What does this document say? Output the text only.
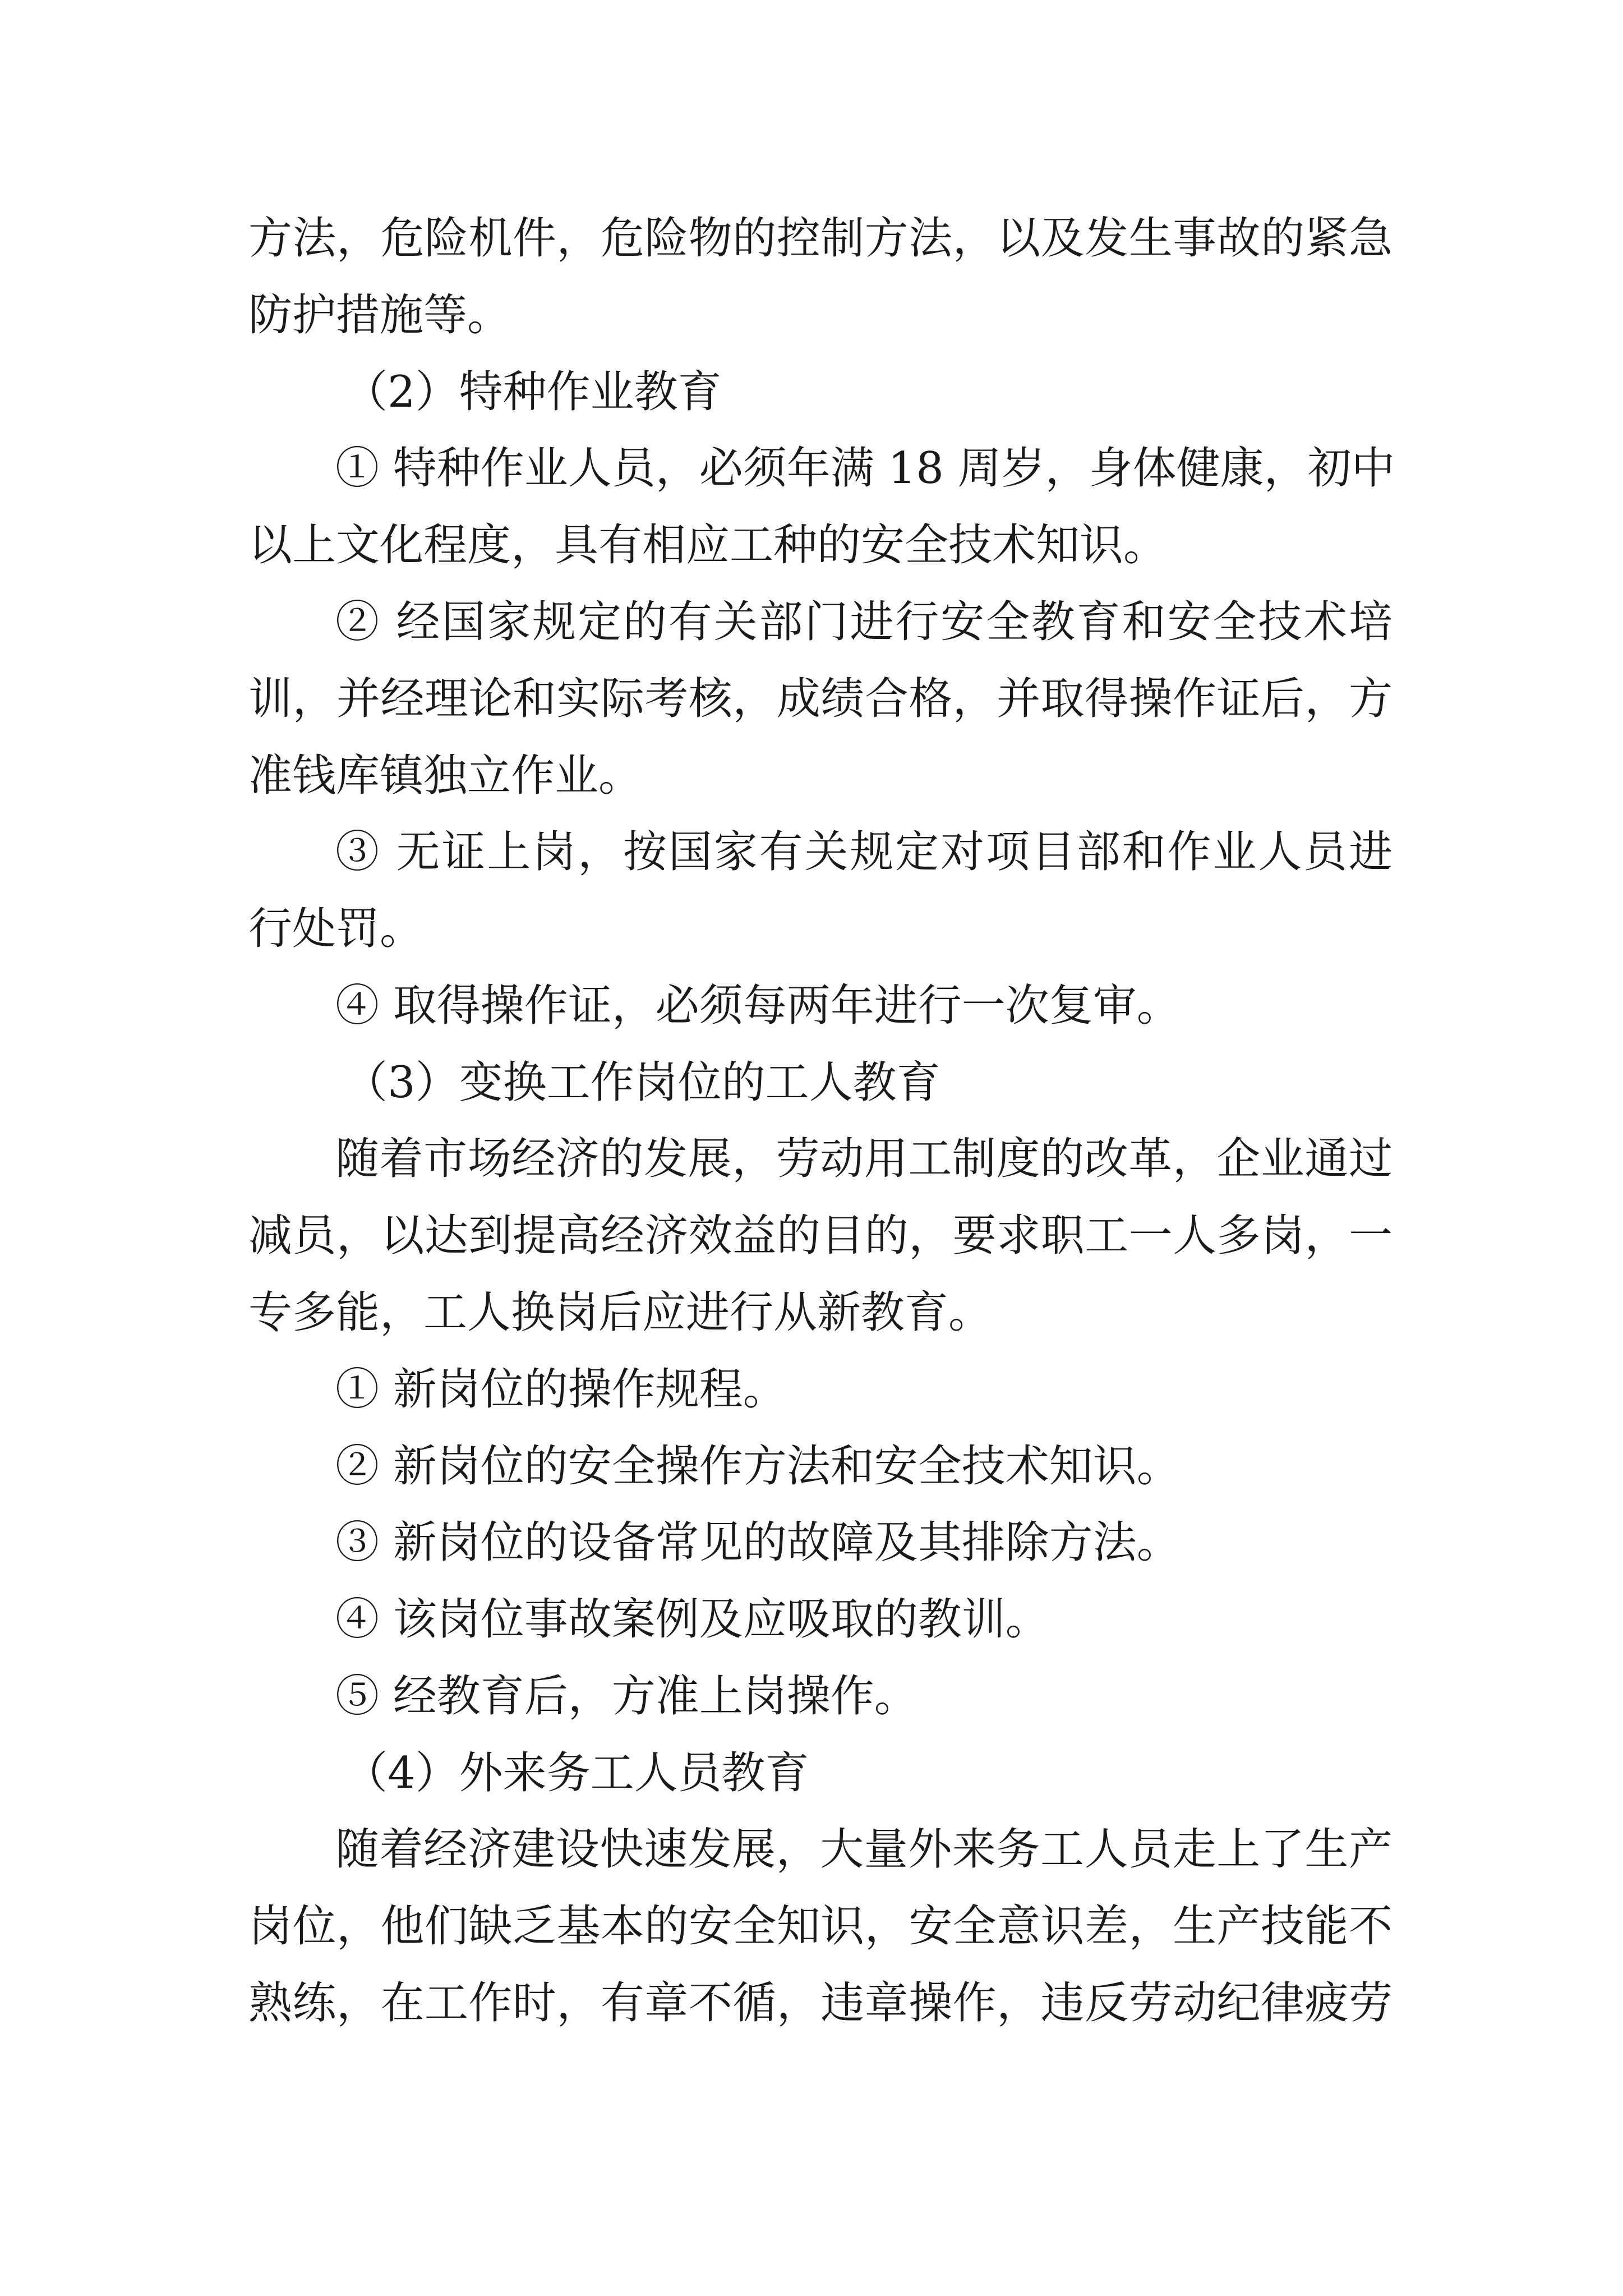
方法，危险机件，危险物的控制方法，以及发生事故的紧急
防护措施等。
（2）特种作业教育
① 特种作业人员，必须年满 18 周岁，身体健康，初中
以上文化程度，具有相应工种的安全技术知识。
② 经国家规定的有关部门进行安全教育和安全技术培
训，并经理论和实际考核，成绩合格，并取得操作证后，方
准钱库镇独立作业。
③ 无证上岗，按国家有关规定对项目部和作业人员进
行处罚。
④ 取得操作证，必须每两年进行一次复审。
（3）变换工作岗位的工人教育
随着市场经济的发展，劳动用工制度的改革，企业通过
减员，以达到提高经济效益的目的，要求职工一人多岗，一
专多能，工人换岗后应进行从新教育。
① 新岗位的操作规程。
② 新岗位的安全操作方法和安全技术知识。
③ 新岗位的设备常见的故障及其排除方法。
④ 该岗位事故案例及应吸取的教训。
⑤ 经教育后，方准上岗操作。
（4）外来务工人员教育
随着经济建设快速发展，大量外来务工人员走上了生产
岗位，他们缺乏基本的安全知识，安全意识差，生产技能不
熟练，在工作时，有章不循，违章操作，违反劳动纪律疲劳
